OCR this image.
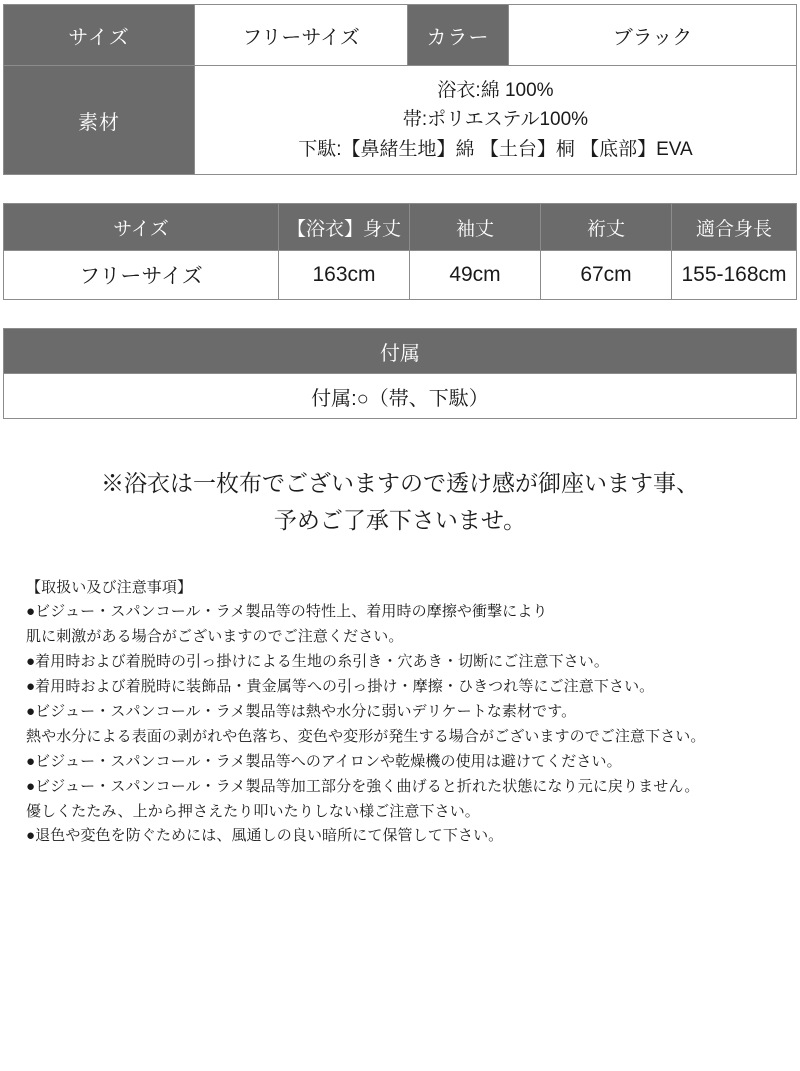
サイズ	フリーサイズ	カラー	ブラック
素材	浴衣:綿 100%
帯:ポリエステル100%
下駄:【鼻緒生地】綿 【土台】桐 【底部】EVA		
サイズ	【浴衣】身丈	袖丈	裄丈	適合身長
フリーサイズ	163cm	49cm	67cm	155-168cm
付属
付属:○（帯、下駄）
※浴衣は一枚布でございますので透け感が御座います事、
予めご了承下さいませ。
【取扱い及び注意事項】
●ビジュー・スパンコール・ラメ製品等の特性上、着用時の摩擦や衝撃により
肌に刺激がある場合がございますのでご注意ください。
●着用時および着脱時の引っ掛けによる生地の糸引き・穴あき・切断にご注意下さい。
●着用時および着脱時に装飾品・貴金属等への引っ掛け・摩擦・ひきつれ等にご注意下さい。
●ビジュー・スパンコール・ラメ製品等は熱や水分に弱いデリケートな素材です。
熱や水分による表面の剥がれや色落ち、変色や変形が発生する場合がございますのでご注意下さい。
●ビジュー・スパンコール・ラメ製品等へのアイロンや乾燥機の使用は避けてください。
●ビジュー・スパンコール・ラメ製品等加工部分を強く曲げると折れた状態になり元に戻りません。
優しくたたみ、上から押さえたり叩いたりしない様ご注意下さい。
●退色や変色を防ぐためには、風通しの良い暗所にて保管して下さい。
